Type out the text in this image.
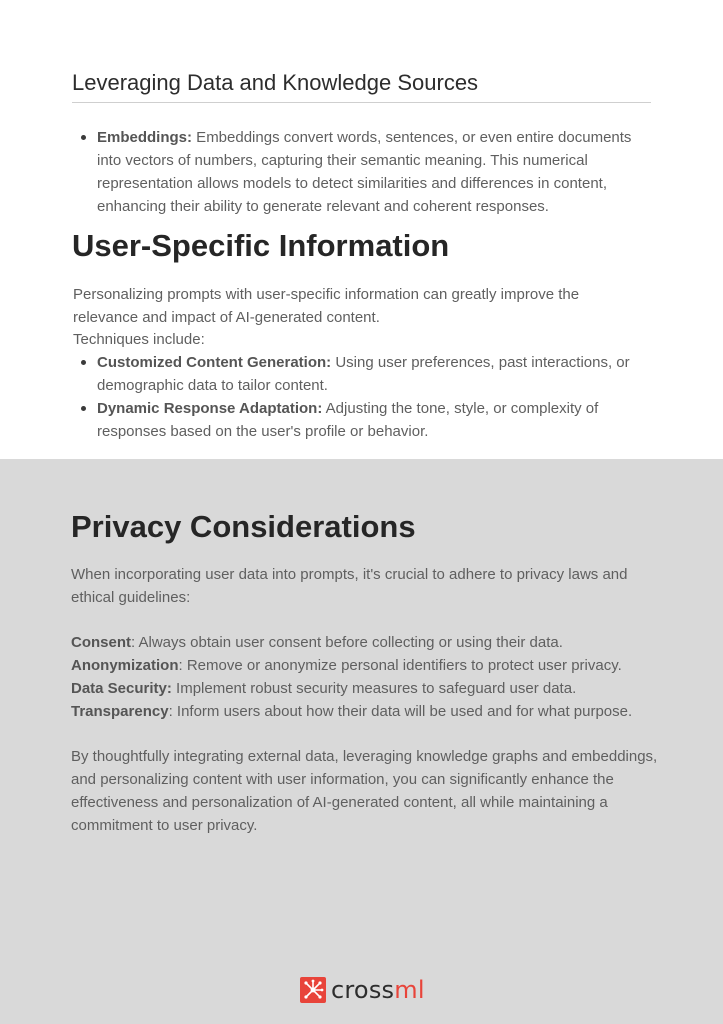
Leveraging Data and Knowledge Sources
Embeddings: Embeddings convert words, sentences, or even entire documents into vectors of numbers, capturing their semantic meaning. This numerical representation allows models to detect similarities and differences in content, enhancing their ability to generate relevant and coherent responses.
User-Specific Information

Personalizing prompts with user-specific information can greatly improve the relevance and impact of AI-generated content.

Techniques include:

Customized Content Generation: Using user preferences, past interactions, or demographic data to tailor content.
Dynamic Response Adaptation: Adjusting the tone, style, or complexity of responses based on the user's profile or behavior.
Privacy Considerations

When incorporating user data into prompts, it's crucial to adhere to privacy laws and ethical guidelines:

Consent: Always obtain user consent before collecting or using their data.
Anonymization: Remove or anonymize personal identifiers to protect user privacy.
Data Security: Implement robust security measures to safeguard user data.
Transparency: Inform users about how their data will be used and for what purpose.

By thoughtfully integrating external data, leveraging knowledge graphs and embeddings, and personalizing content with user information, you can significantly enhance the effectiveness and personalization of AI-generated content, all while maintaining a commitment to user privacy.

crossml
